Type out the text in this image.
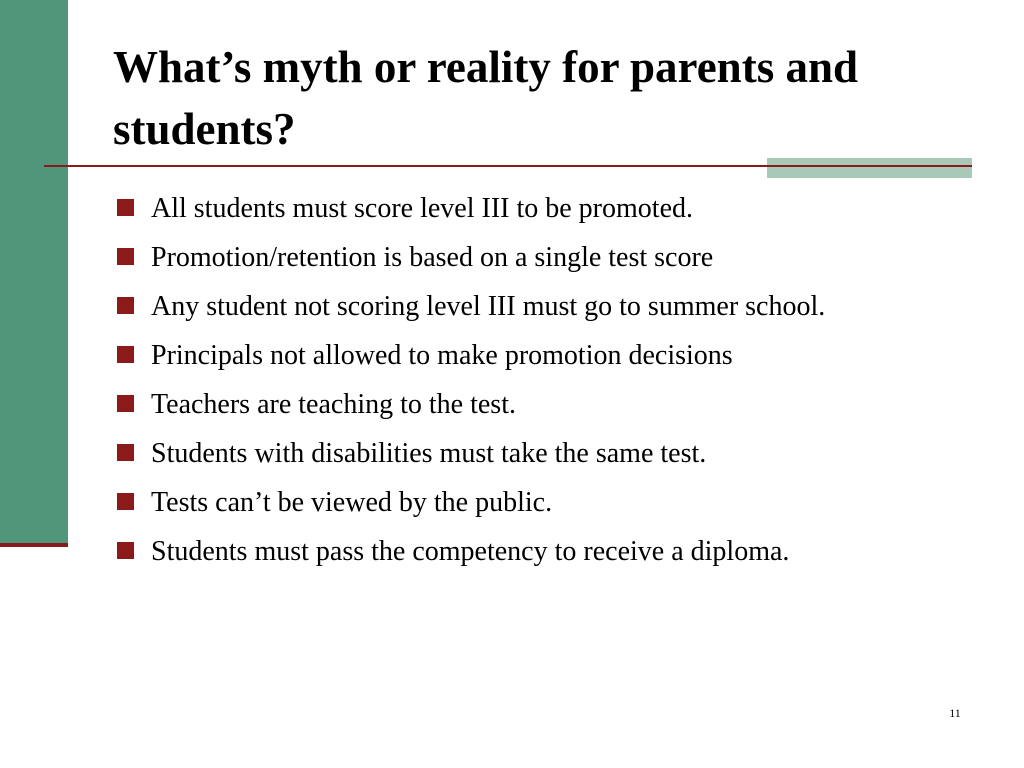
What’s myth or reality for parents and students?
All students must score level III to be promoted.
Promotion/retention is based on a single test score
Any student not scoring level III must go to summer school.
Principals not allowed to make promotion decisions
Teachers are teaching to the test.
Students with disabilities must take the same test.
Tests can’t be viewed by the public.
Students must pass the competency to receive a diploma.
11
